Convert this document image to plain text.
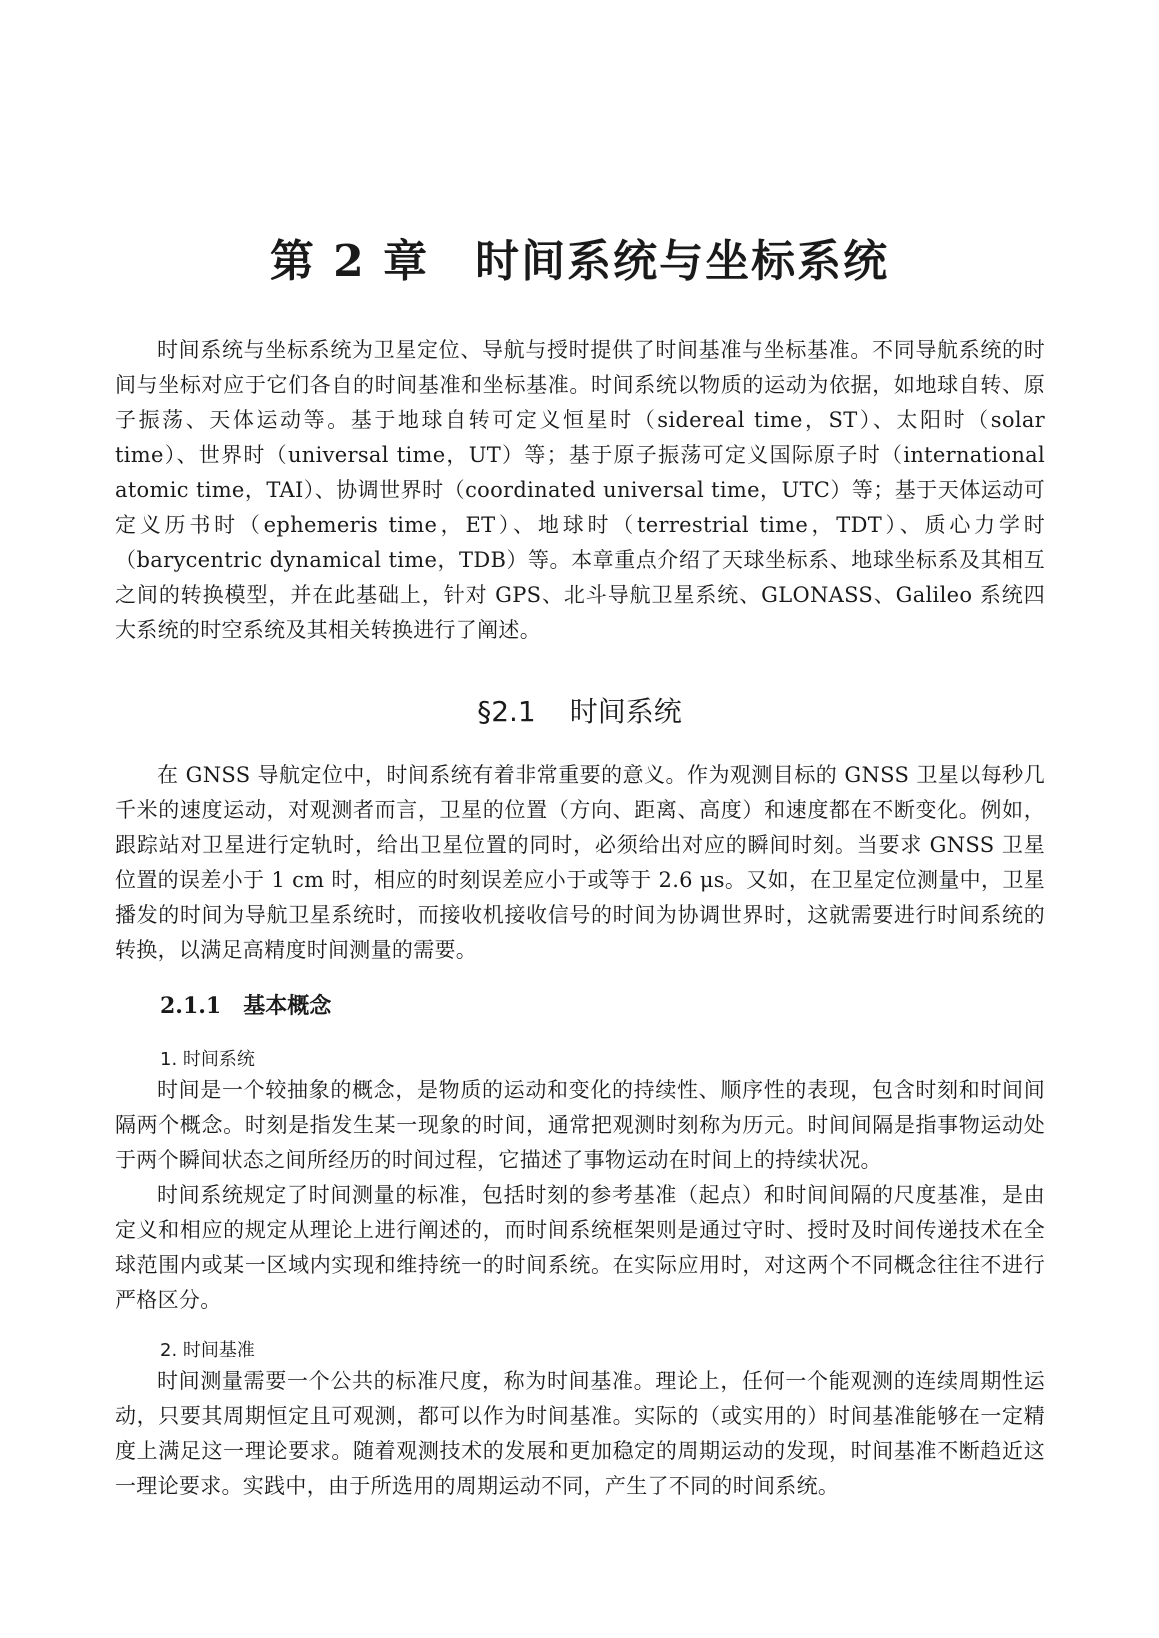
第 2 章 时间系统与坐标系统

时间系统与坐标系统为卫星定位、导航与授时提供了时间基准与坐标基准。不同导航系统的时间与坐标对应于它们各自的时间基准和坐标基准。时间系统以物质的运动为依据，如地球自转、原子振荡、天体运动等。基于地球自转可定义恒星时（sidereal time，ST）、太阳时（solar time）、世界时（universal time，UT）等；基于原子振荡可定义国际原子时（international atomic time，TAI）、协调世界时（coordinated universal time，UTC）等；基于天体运动可定义历书时（ephemeris time，ET）、地球时（terrestrial time，TDT）、质心力学时（barycentric dynamical time，TDB）等。本章重点介绍了天球坐标系、地球坐标系及其相互之间的转换模型，并在此基础上，针对 GPS、北斗导航卫星系统、GLONASS、Galileo 系统四大系统的时空系统及其相关转换进行了阐述。

§2.1 时间系统

在 GNSS 导航定位中，时间系统有着非常重要的意义。作为观测目标的 GNSS 卫星以每秒几千米的速度运动，对观测者而言，卫星的位置（方向、距离、高度）和速度都在不断变化。例如，跟踪站对卫星进行定轨时，给出卫星位置的同时，必须给出对应的瞬间时刻。当要求 GNSS 卫星位置的误差小于 1 cm 时，相应的时刻误差应小于或等于 2.6 μs。又如，在卫星定位测量中，卫星播发的时间为导航卫星系统时，而接收机接收信号的时间为协调世界时，这就需要进行时间系统的转换，以满足高精度时间测量的需要。

2.1.1 基本概念
1. 时间系统

时间是一个较抽象的概念，是物质的运动和变化的持续性、顺序性的表现，包含时刻和时间间隔两个概念。时刻是指发生某一现象的时间，通常把观测时刻称为历元。时间间隔是指事物运动处于两个瞬间状态之间所经历的时间过程，它描述了事物运动在时间上的持续状况。

时间系统规定了时间测量的标准，包括时刻的参考基准（起点）和时间间隔的尺度基准，是由定义和相应的规定从理论上进行阐述的，而时间系统框架则是通过守时、授时及时间传递技术在全球范围内或某一区域内实现和维持统一的时间系统。在实际应用时，对这两个不同概念往往不进行严格区分。

2. 时间基准

时间测量需要一个公共的标准尺度，称为时间基准。理论上，任何一个能观测的连续周期性运动，只要其周期恒定且可观测，都可以作为时间基准。实际的（或实用的）时间基准能够在一定精度上满足这一理论要求。随着观测技术的发展和更加稳定的周期运动的发现，时间基准不断趋近这一理论要求。实践中，由于所选用的周期运动不同，产生了不同的时间系统。
